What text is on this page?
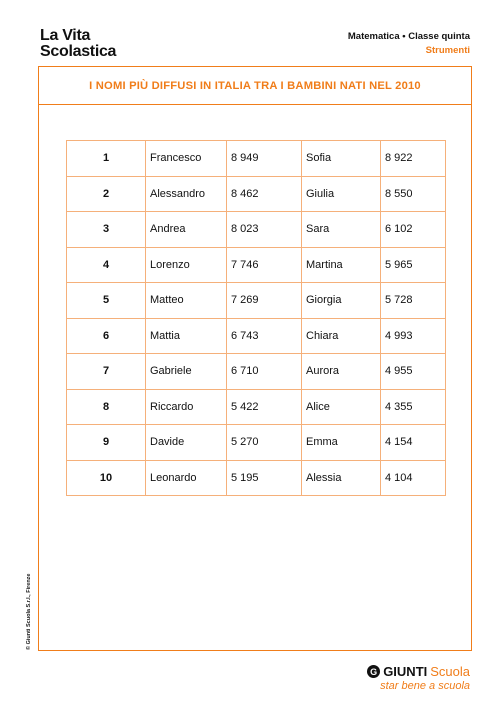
La Vita
Scolastica
Matematica • Classe quinta
Strumenti
I NOMI PIÙ DIFFUSI IN ITALIA TRA I BAMBINI NATI NEL 2010
1	Francesco	8 949	Sofia	8 922
2	Alessandro	8 462	Giulia	8 550
3	Andrea	8 023	Sara	6 102
4	Lorenzo	7 746	Martina	5 965
5	Matteo	7 269	Giorgia	5 728
6	Mattia	6 743	Chiara	4 993
7	Gabriele	6 710	Aurora	4 955
8	Riccardo	5 422	Alice	4 355
9	Davide	5 270	Emma	4 154
10	Leonardo	5 195	Alessia	4 104
© Giunti Scuola S.r.l., Firenze
G GIUNTI Scuola
star bene a scuola
